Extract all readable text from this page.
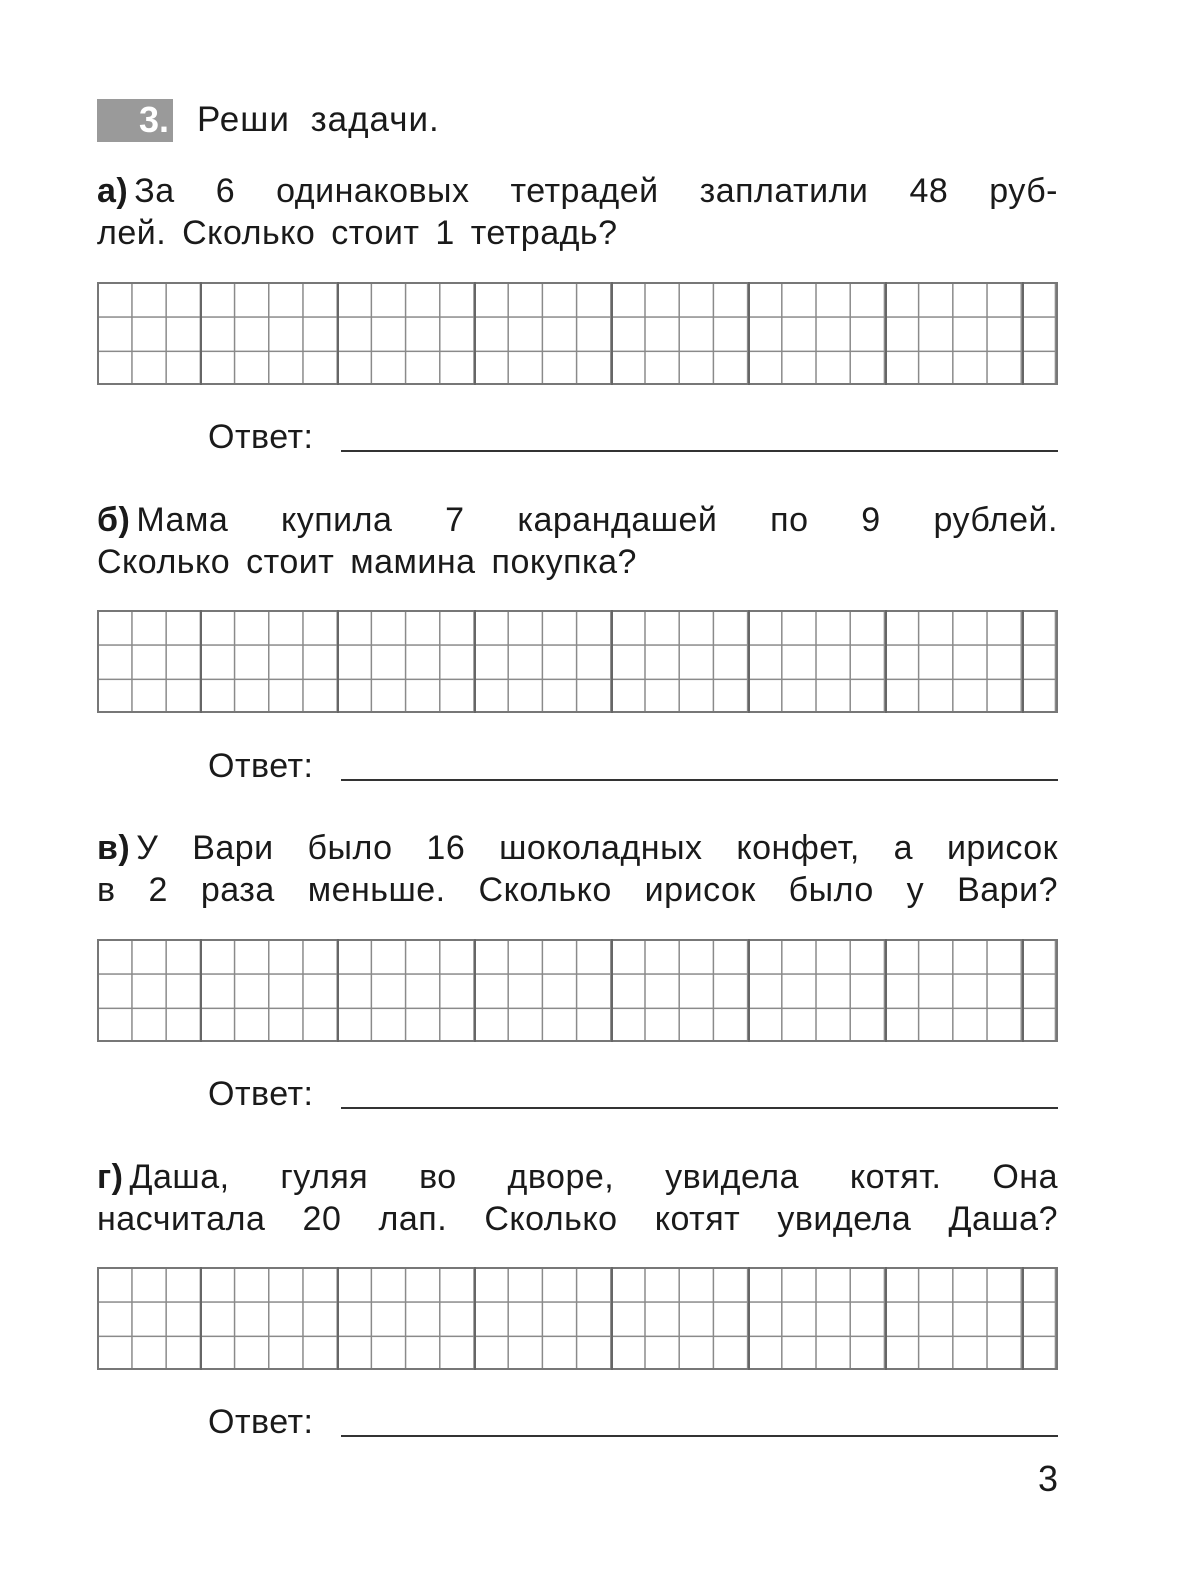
3. Реши задачи.
а) За 6 одинаковых тетрадей заплатили 48 руб-
лей. Сколько стоит 1 тетрадь?
Ответ:
б) Мама купила 7 карандашей по 9 рублей.
Сколько стоит мамина покупка?
Ответ:
в) У Вари было 16 шоколадных конфет, а ирисок
в 2 раза меньше. Сколько ирисок было у Вари?
Ответ:
г) Даша, гуляя во дворе, увидела котят. Она
насчитала 20 лап. Сколько котят увидела Даша?
Ответ:
3
